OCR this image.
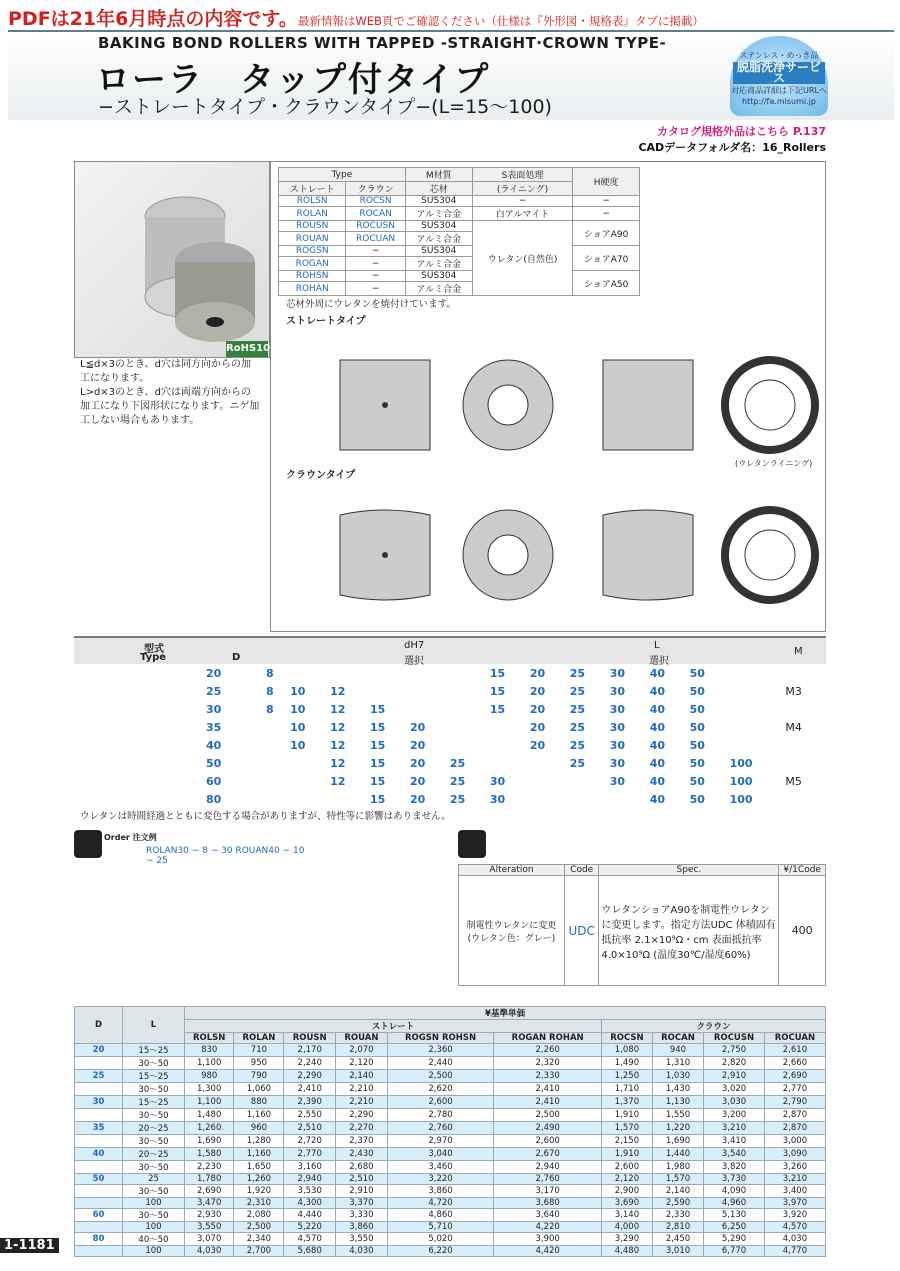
PDFは21年6月時点の内容です。最新情報はWEB頁でご確認ください（仕様は『外形図・規格表』タブに掲載）
BAKING BOND ROLLERS WITH TAPPED -STRAIGHT·CROWN TYPE-
ローラ　タップ付タイプ
−ストレートタイプ・クラウンタイプ−(L=15〜100)
ステンレス・めっき品
脱脂洗浄サービス
対応商品詳細は下記URLへ
http://fa.misumi.jp
カタログ規格外品はこちら P.137
CADデータフォルダ名：16_Rollers
RoHS10
Type		M材質	S表面処理	H硬度
ストレート	クラウン	芯材	(ライニング)	
ROLSN	ROCSN	SUS304	−	−
ROLAN	ROCAN	アルミ合金	白アルマイト	−
ROUSN	ROCUSN	SUS304	ウレタン(自然色)	ショアA90
ROUAN	ROCUAN	アルミ合金		
ROGSN	−	SUS304		ショアA70
ROGAN	−	アルミ合金		
ROHSN	−	SUS304		ショアA50
ROHAN	−	アルミ合金		
芯材外周にウレタンを焼付けています。
ストレートタイプ
クラウンタイプ
(ウレタンライニング)
L≦d×3のとき、d穴は同方向からの加工になります。
L>d×3のとき、d穴は両端方向からの加工になり下図形状になります。ニゲ加工しない場合もあります。
型式
Type	D
dH7
選択
L
選択
M
20	8						15	20	25	30	40	50		
25	8	10	12				15	20	25	30	40	50		M3
30	8	10	12	15			15	20	25	30	40	50		
35		10	12	15	20			20	25	30	40	50		M4
40		10	12	15	20			20	25	30	40	50		
50			12	15	20	25			25	30	40	50	100	
60			12	15	20	25	30			30	40	50	100	M5
80				15	20	25	30				40	50	100	
ウレタンは時間経過とともに変色する場合がありますが、特性等に影響はありません。
Order 注文例
ROLAN30 − 8 − 30 ROUAN40 − 10 − 25
Alteration	Code	Spec.	¥/1Code
制電性ウレタンに変更(ウレタン色：グレー)	UDC	ウレタンショアA90を制電性ウレタンに変更します。指定方法UDC 体積固有抵抗率 2.1×10⁹Ω・cm 表面抵抗率 4.0×10⁹Ω (温度30℃/湿度60%)	400
D	L	¥基準単価									
		ストレート						クラウン			
		ROLSN	ROLAN	ROUSN	ROUAN	ROGSN ROHSN	ROGAN ROHAN	ROCSN	ROCAN	ROCUSN	ROCUAN
20	15〜25	830	710	2,170	2,070	2,360	2,260	1,080	940	2,750	2,610
	30〜50	1,100	950	2,240	2,120	2,440	2,320	1,490	1,310	2,820	2,660
25	15〜25	980	790	2,290	2,140	2,500	2,330	1,250	1,030	2,910	2,690
	30〜50	1,300	1,060	2,410	2,210	2,620	2,410	1,710	1,430	3,020	2,770
30	15〜25	1,100	880	2,390	2,210	2,600	2,410	1,370	1,130	3,030	2,790
	30〜50	1,480	1,160	2,550	2,290	2,780	2,500	1,910	1,550	3,200	2,870
35	20〜25	1,260	960	2,510	2,270	2,760	2,490	1,570	1,220	3,210	2,870
	30〜50	1,690	1,280	2,720	2,370	2,970	2,600	2,150	1,690	3,410	3,000
40	20〜25	1,580	1,160	2,770	2,430	3,040	2,670	1,910	1,440	3,540	3,090
	30〜50	2,230	1,650	3,160	2,680	3,460	2,940	2,600	1,980	3,820	3,260
50	25	1,780	1,260	2,940	2,510	3,220	2,760	2,120	1,570	3,730	3,210
	30〜50	2,690	1,920	3,530	2,910	3,860	3,170	2,900	2,140	4,090	3,400
	100	3,470	2,310	4,300	3,370	4,720	3,680	3,690	2,590	4,960	3,970
60	30〜50	2,930	2,080	4,440	3,330	4,860	3,640	3,140	2,330	5,130	3,920
	100	3,550	2,500	5,220	3,860	5,710	4,220	4,000	2,810	6,250	4,570
80	40〜50	3,070	2,340	4,570	3,550	5,020	3,900	3,290	2,450	5,290	4,030
	100	4,030	2,700	5,680	4,030	6,220	4,420	4,480	3,010	6,770	4,770
1-1181
